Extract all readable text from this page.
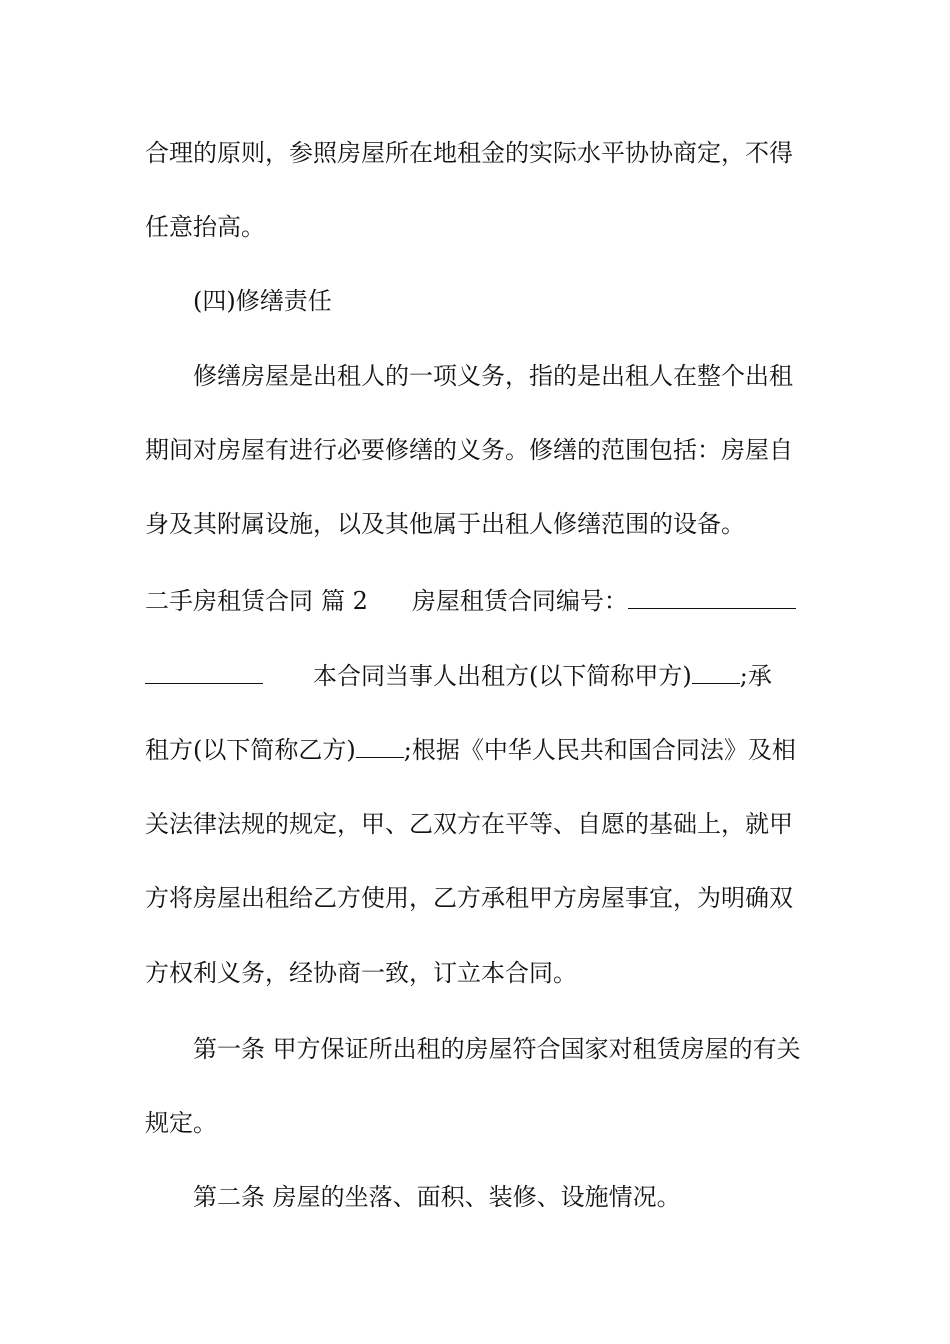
合理的原则，参照房屋所在地租金的实际水平协协商定，不得
任意抬高。
(四)修缮责任
修缮房屋是出租人的一项义务，指的是出租人在整个出租
期间对房屋有进行必要修缮的义务。修缮的范围包括：房屋自
身及其附属设施，以及其他属于出租人修缮范围的设备。
二手房租赁合同 篇 2 房屋租赁合同编号：
本合同当事人出租方(以下简称甲方) ;承
租方(以下简称乙方) ;根据《中华人民共和国合同法》及相
关法律法规的规定，甲、乙双方在平等、自愿的基础上，就甲
方将房屋出租给乙方使用，乙方承租甲方房屋事宜，为明确双
方权利义务，经协商一致，订立本合同。
第一条 甲方保证所出租的房屋符合国家对租赁房屋的有关
规定。
第二条 房屋的坐落、面积、装修、设施情况。
